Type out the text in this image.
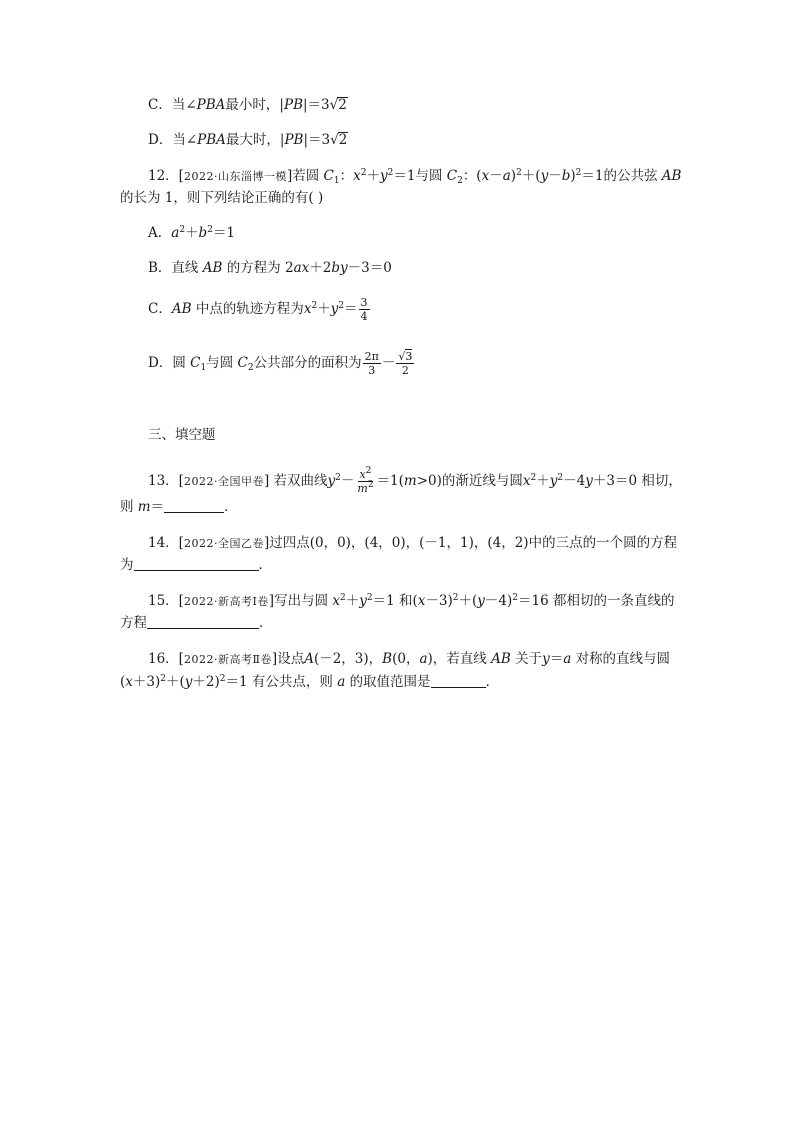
C．当∠PBA最小时，|PB|＝3√2
D．当∠PBA最大时，|PB|＝3√2
12．[2022·山东淄博一模]若圆 $C_1$：$x^2+y^2=1$与圆 $C_2$：$(x-a)^2+(y-b)^2=1$的公共弦 AB
的长为 1，则下列结论正确的有( )
A．$a^2+b^2=1$
B．直线 AB 的方程为 2ax＋2by－3＝0
C．AB 中点的轨迹方程为$x^2+y^2= \frac{3}{4}$
D．圆 $C_1$与圆 $C_2$公共部分的面积为 $\frac{2\pi}{3} - \frac{√3}{2}$
三、填空题
13．[2022·全国甲卷] 若双曲线$y^2- \frac{x^2}{m^2} =1(m>0)$的渐近线与圆$x^2+y^2-4y+3=0$ 相切，
则 m＝	．
14．[2022·全国乙卷]过四点(0，0)，(4，0)，(－1，1)，(4，2)中的三点的一个圆的方程
为	．
15．[2022·新高考Ⅰ卷]写出与圆 $x^2+y^2=1$ 和$(x-3)^2+(y-4)^2=16$ 都相切的一条直线的
方程	．
16．[2022·新高考Ⅱ卷]设点A(－2，3)，B(0，a)，若直线 AB 关于y＝a 对称的直线与圆
$(x+3)^2+(y+2)^2=1$ 有公共点，则 a 的取值范围是	．
